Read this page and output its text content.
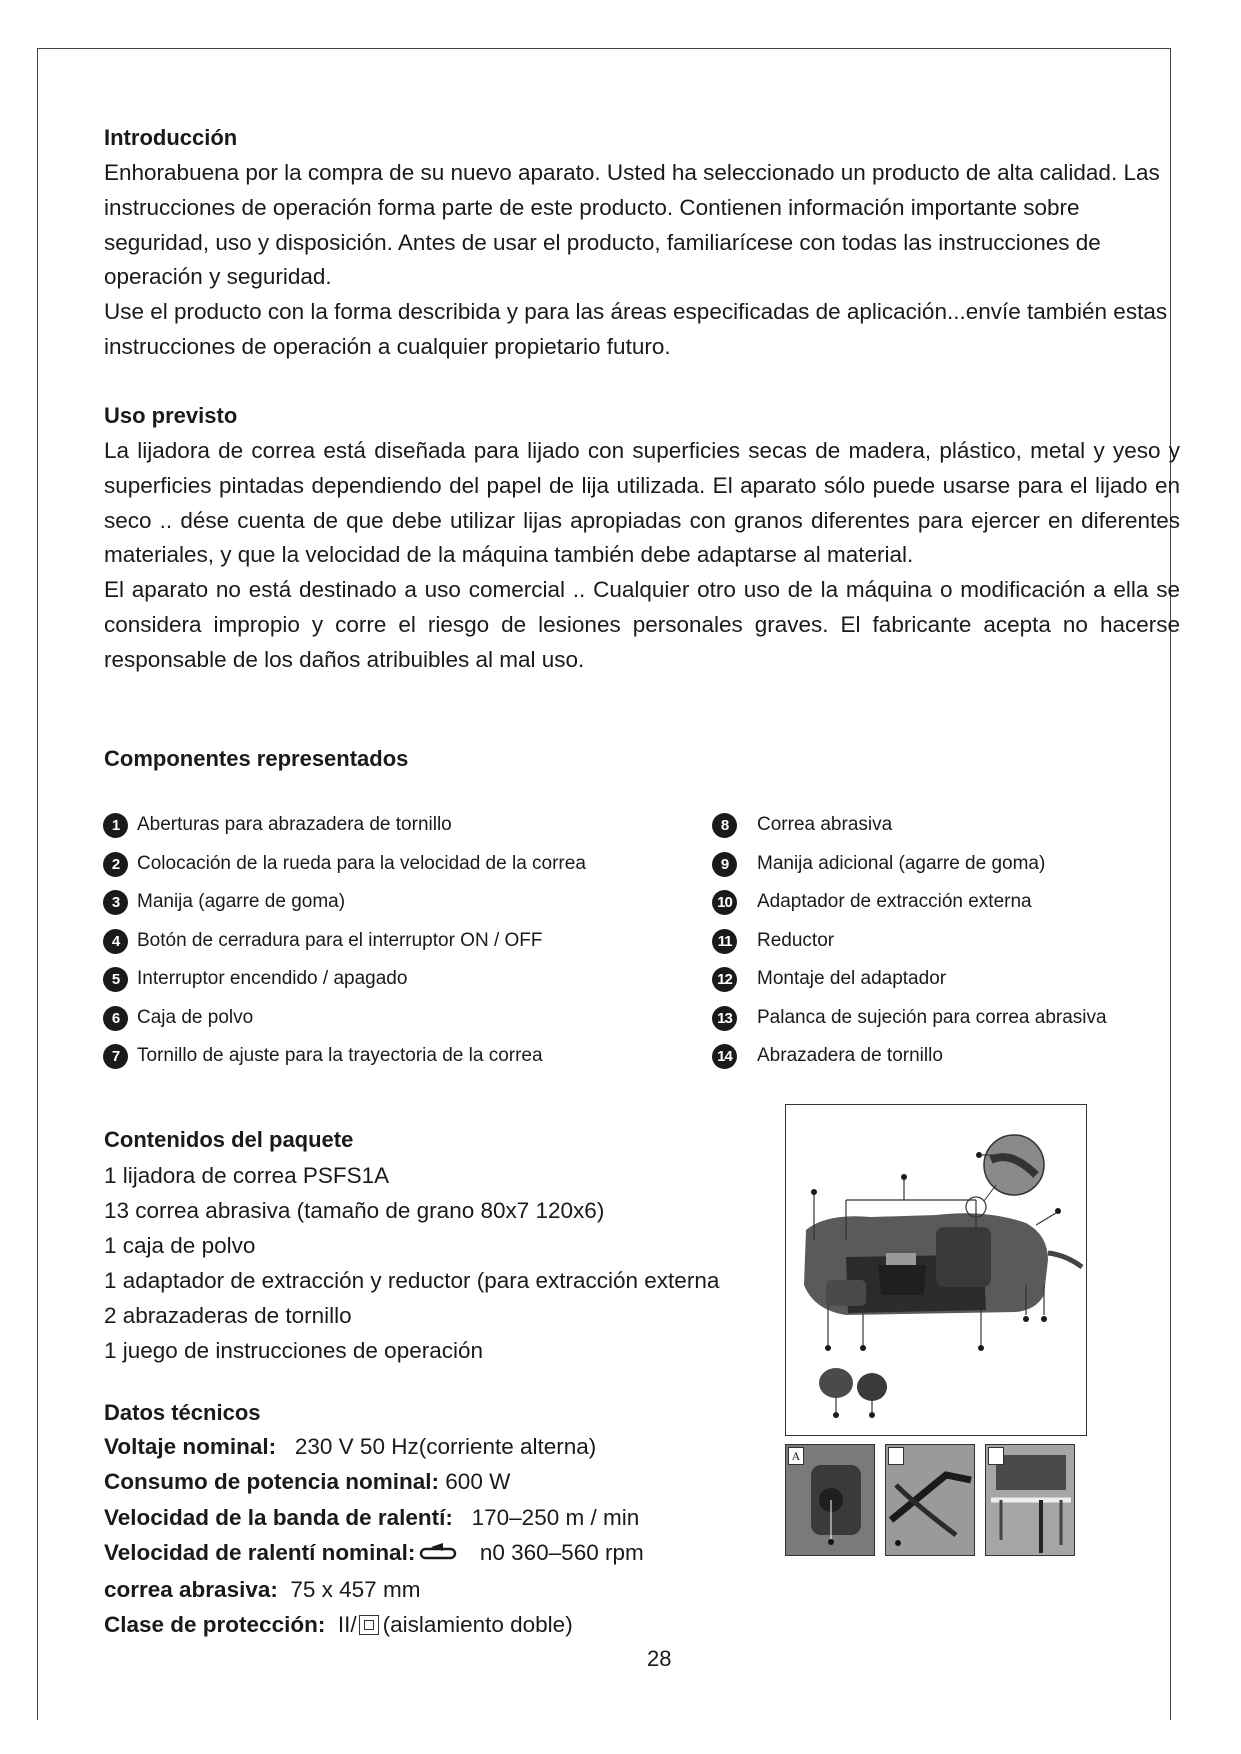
Introducción

Enhorabuena por la compra de su nuevo aparato. Usted ha seleccionado un producto de alta calidad. Las instrucciones de operación forma parte de este producto. Contienen información importante sobre seguridad, uso y disposición. Antes de usar el producto, familiarícese con todas las instrucciones de operación y seguridad.

Use el producto con la forma describida y para las áreas especificadas de aplicación...envíe también estas instrucciones de operación a cualquier propietario futuro.

Uso previsto

La lijadora de correa está diseñada para lijado con superficies secas de madera, plástico, metal y yeso y superficies pintadas dependiendo del papel de lija utilizada. El aparato sólo puede usarse para el lijado en seco .. dése cuenta de que debe utilizar lijas apropiadas con granos diferentes para ejercer en diferentes materiales, y que la velocidad de la máquina también debe adaptarse al material.

El aparato no está destinado a uso comercial .. Cualquier otro uso de la máquina o modificación a ella se considera impropio y corre el riesgo de lesiones personales graves. El fabricante acepta no hacerse responsable de los daños atribuibles al mal uso.

Componentes representados
1 Aberturas para abrazadera de tornillo
2 Colocación de la rueda para la velocidad de la correa
3 Manija (agarre de goma)
4 Botón de cerradura para el interruptor ON / OFF
5 Interruptor encendido / apagado
6 Caja de polvo
7 Tornillo de ajuste para la trayectoria de la correa
8	Correa abrasiva
9	Manija adicional (agarre de goma)
10 Adaptador de extracción externa
11 Reductor
12 Montaje del adaptador
13 Palanca de sujeción para correa abrasiva
14 Abrazadera de tornillo
Contenidos del paquete
1 lijadora de correa PSFS1A
13 correa abrasiva (tamaño de grano 80x7 120x6)
1 caja de polvo
1 adaptador de extracción y reductor (para extracción externa
2 abrazaderas de tornillo
1 juego de instrucciones de operación
Datos técnicos
Voltaje nominal: 230 V 50 Hz(corriente alterna)
Consumo de potencia nominal: 600 W
Velocidad de la banda de ralentí: 170–250 m / min
Velocidad de ralentí nominal:	n0 360–560 rpm
correa abrasiva: 75 x 457 mm
Clase de protección: II/ (aislamiento doble)
A
28
